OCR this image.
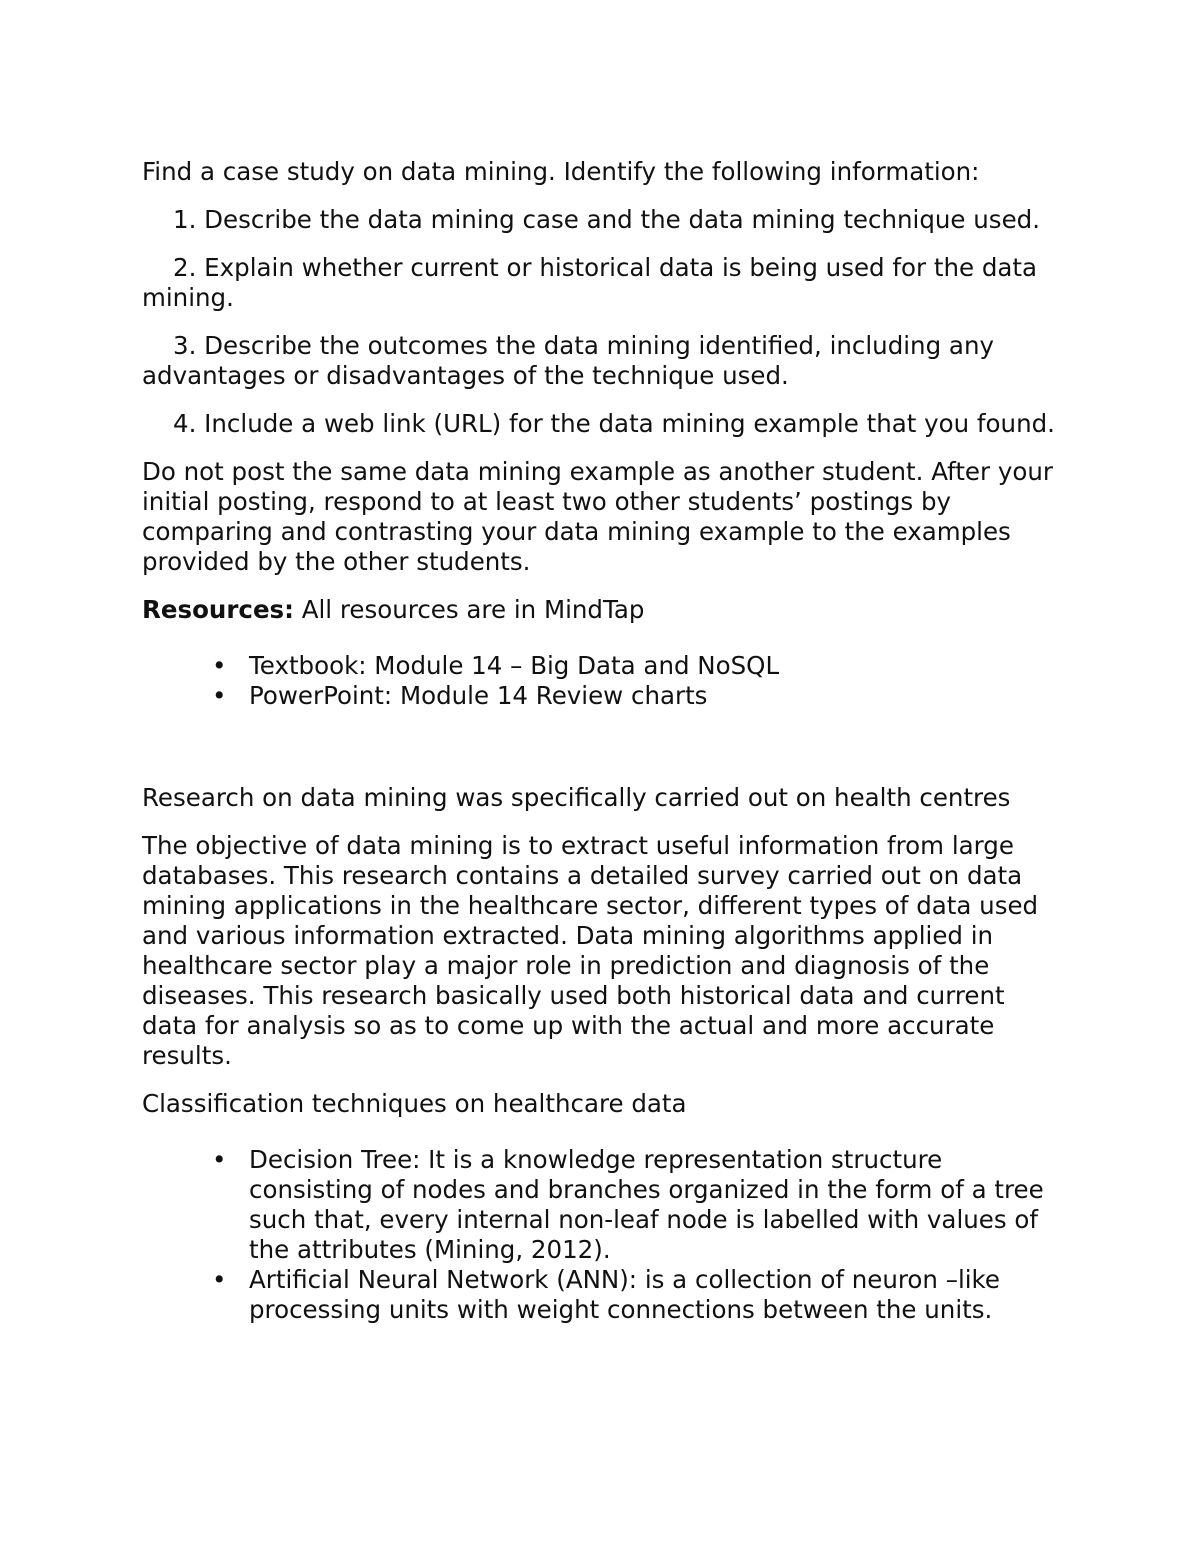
Find a case study on data mining. Identify the following information:

1. Describe the data mining case and the data mining technique used.

2. Explain whether current or historical data is being used for the data mining.

3. Describe the outcomes the data mining identified, including any advantages or disadvantages of the technique used.

4. Include a web link (URL) for the data mining example that you found.

Do not post the same data mining example as another student. After your initial posting, respond to at least two other students’ postings by comparing and contrasting your data mining example to the examples provided by the other students.

Resources: All resources are in MindTap

• Textbook: Module 14 – Big Data and NoSQL
• PowerPoint: Module 14 Review charts

Research on data mining was specifically carried out on health centres

The objective of data mining is to extract useful information from large databases. This research contains a detailed survey carried out on data mining applications in the healthcare sector, different types of data used and various information extracted. Data mining algorithms applied in healthcare sector play a major role in prediction and diagnosis of the diseases. This research basically used both historical data and current data for analysis so as to come up with the actual and more accurate results.

Classification techniques on healthcare data

• Decision Tree: It is a knowledge representation structure consisting of nodes and branches organized in the form of a tree such that, every internal non-leaf node is labelled with values of the attributes (Mining, 2012).
• Artificial Neural Network (ANN): is a collection of neuron –like processing units with weight connections between the units.
